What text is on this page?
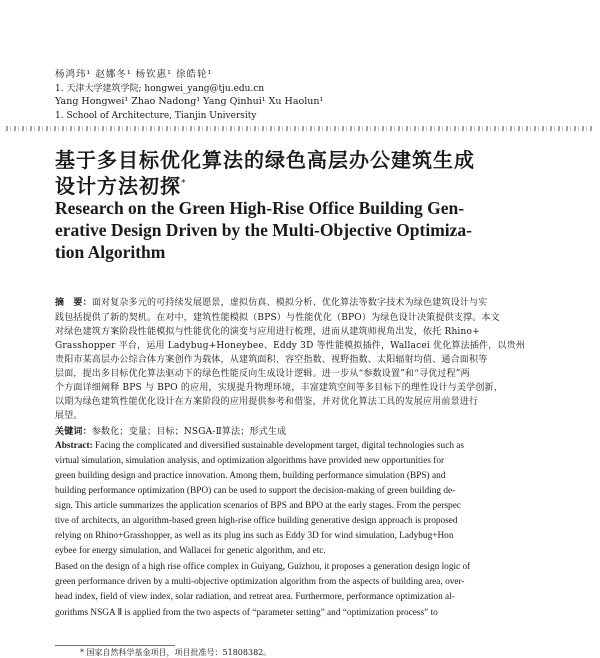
杨鸿玮¹ 赵娜冬¹ 杨钦惠¹ 徐皓轮¹

1. 天津大学建筑学院; hongwei_yang@tju.edu.cn

Yang Hongwei¹ Zhao Nadong¹ Yang Qinhui¹ Xu Haolun¹

1. School of Architecture, Tianjin University

基于多目标优化算法的绿色高层办公建筑生成

设计方法初探*

Research on the Green High-Rise Office Building Gen-

erative Design Driven by the Multi-Objective Optimiza-

tion Algorithm

摘　要：面对复杂多元的可持续发展愿景，虚拟仿真、模拟分析、优化算法等数字技术为绿色建筑设计与实

践包括提供了新的契机。在对中，建筑性能模拟（BPS）与性能优化（BPO）为绿色设计决策提供支撑。本文

对绿色建筑方案阶段性能模拟与性能优化的演变与应用进行梳理，进而从建筑师视角出发，依托 Rhino+

Grasshopper 平台，运用 Ladybug+Honeybee、Eddy 3D 等性能模拟插件，Wallacei 优化算法插件，以贵州

贵阳市某高层办公综合体方案创作为载体，从建筑面积、容空指数、视野指数、太阳辐射均值、通合面积等

层面，提出多目标优化算法驱动下的绿色性能反向生成设计逻辑。进一步从“参数设置”和“寻优过程”两

个方面详细阐释 BPS 与 BPO 的应用，实现提升物理环境，丰富建筑空间等多目标下的理性设计与美学创新，

以期为绿色建筑性能优化设计在方案阶段的应用提供参考和借鉴，并对优化算法工具的发展应用前景进行

展望。

关键词：参数化；变量；目标；NSGA-Ⅱ算法；形式生成

Abstract: Facing the complicated and diversified sustainable development target, digital technologies such as

virtual simulation, simulation analysis, and optimization algorithms have provided new opportunities for

green building design and practice innovation. Among them, building performance simulation (BPS) and

building performance optimization (BPO) can be used to support the decision-making of green building de-

sign. This article summarizes the application scenarios of BPS and BPO at the early stages. From the perspec

tive of architects, an algorithm-based green high-rise office building generative design approach is proposed

relying on Rhino+Grasshopper, as well as its plug ins such as Eddy 3D for wind simulation, Ladybug+Hon

eybee for energy simulation, and Wallacei for genetic algorithm, and etc.

Based on the design of a high rise office complex in Guiyang, Guizhou, it proposes a generation design logic of

green performance driven by a multi-objective optimization algorithm from the aspects of building area, over-

head index, field of view index, solar radiation, and retreat area. Furthermore, performance optimization al-

gorithms NSGA Ⅱ is applied from the two aspects of “parameter setting” and “optimization process” to

* 国家自然科学基金项目，项目批准号：51808382。
